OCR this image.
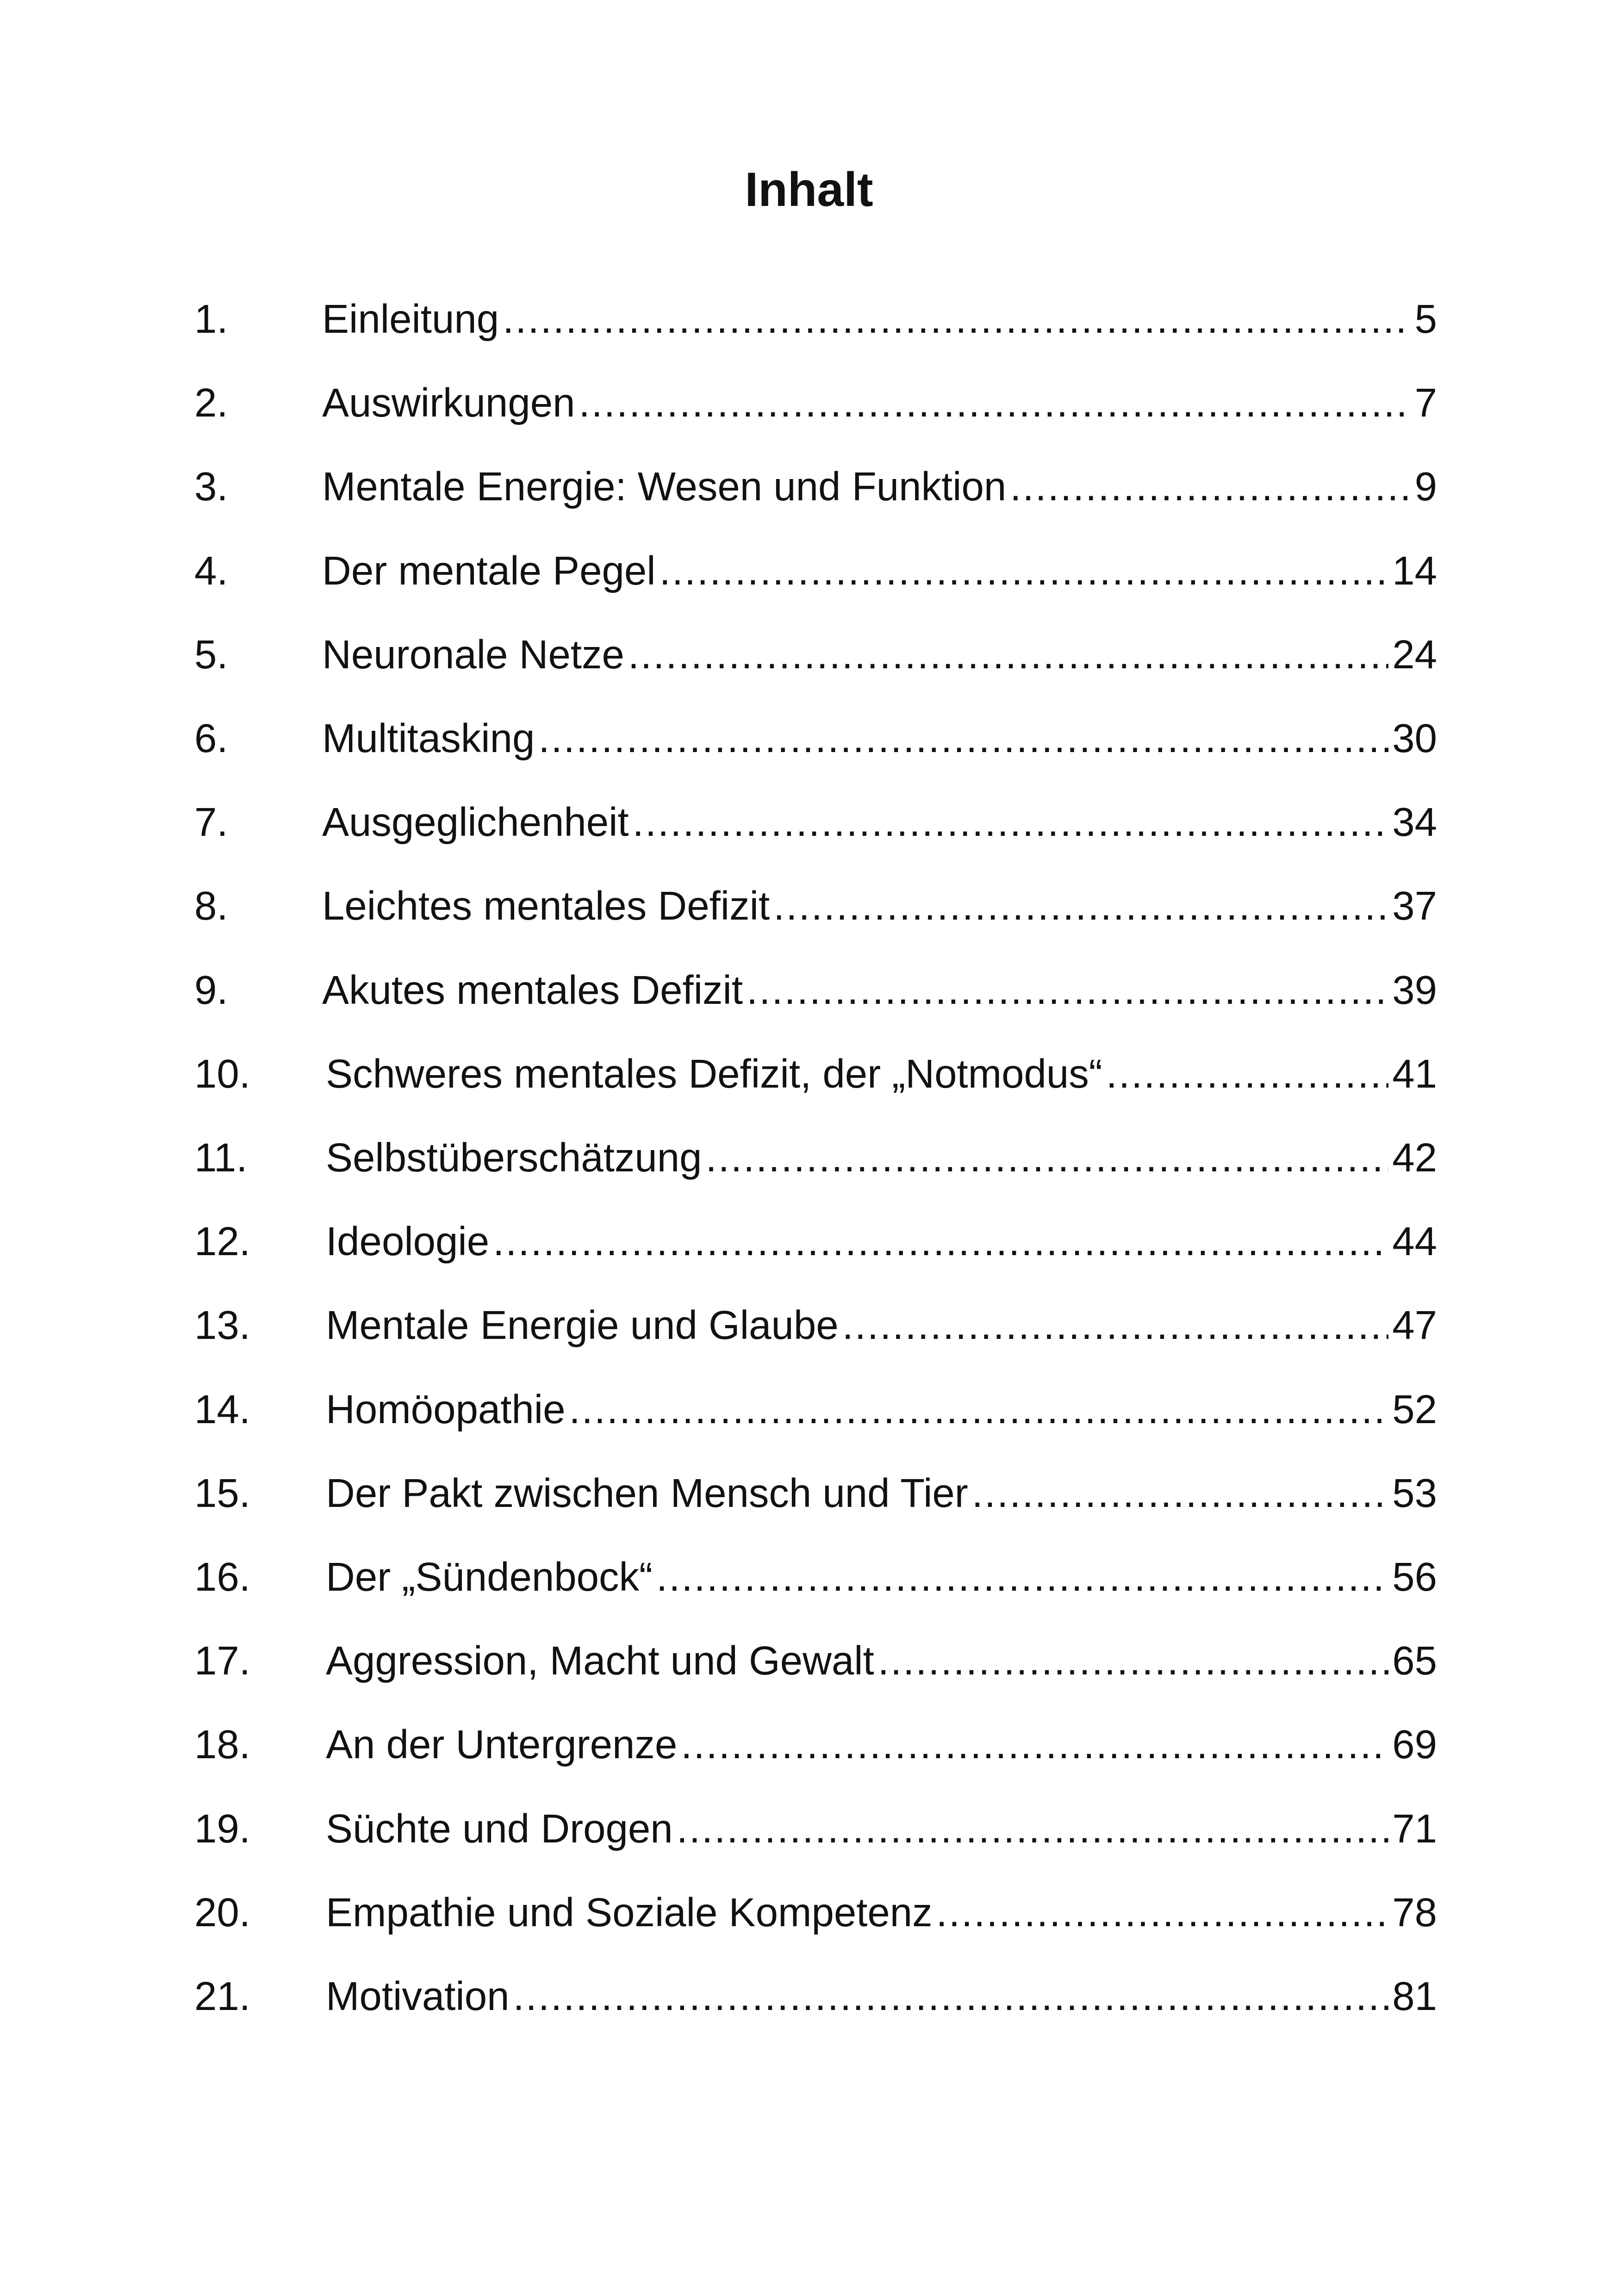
Inhalt
1.	Einleitung .....	5
2.	Auswirkungen .....	7
3.	Mentale Energie: Wesen und Funktion .....	9
4.	Der mentale Pegel .....	14
5.	Neuronale Netze .....	24
6.	Multitasking .....	30
7.	Ausgeglichenheit .....	34
8.	Leichtes mentales Defizit .....	37
9.	Akutes mentales Defizit .....	39
10.	Schweres mentales Defizit, der „Notmodus“ .....	41
11.	Selbstüberschätzung .....	42
12.	Ideologie .....	44
13.	Mentale Energie und Glaube .....	47
14.	Homöopathie .....	52
15.	Der Pakt zwischen Mensch und Tier .....	53
16.	Der „Sündenbock“ .....	56
17.	Aggression, Macht und Gewalt .....	65
18.	An der Untergrenze .....	69
19.	Süchte und Drogen .....	71
20.	Empathie und Soziale Kompetenz .....	78
21.	Motivation .....	81
